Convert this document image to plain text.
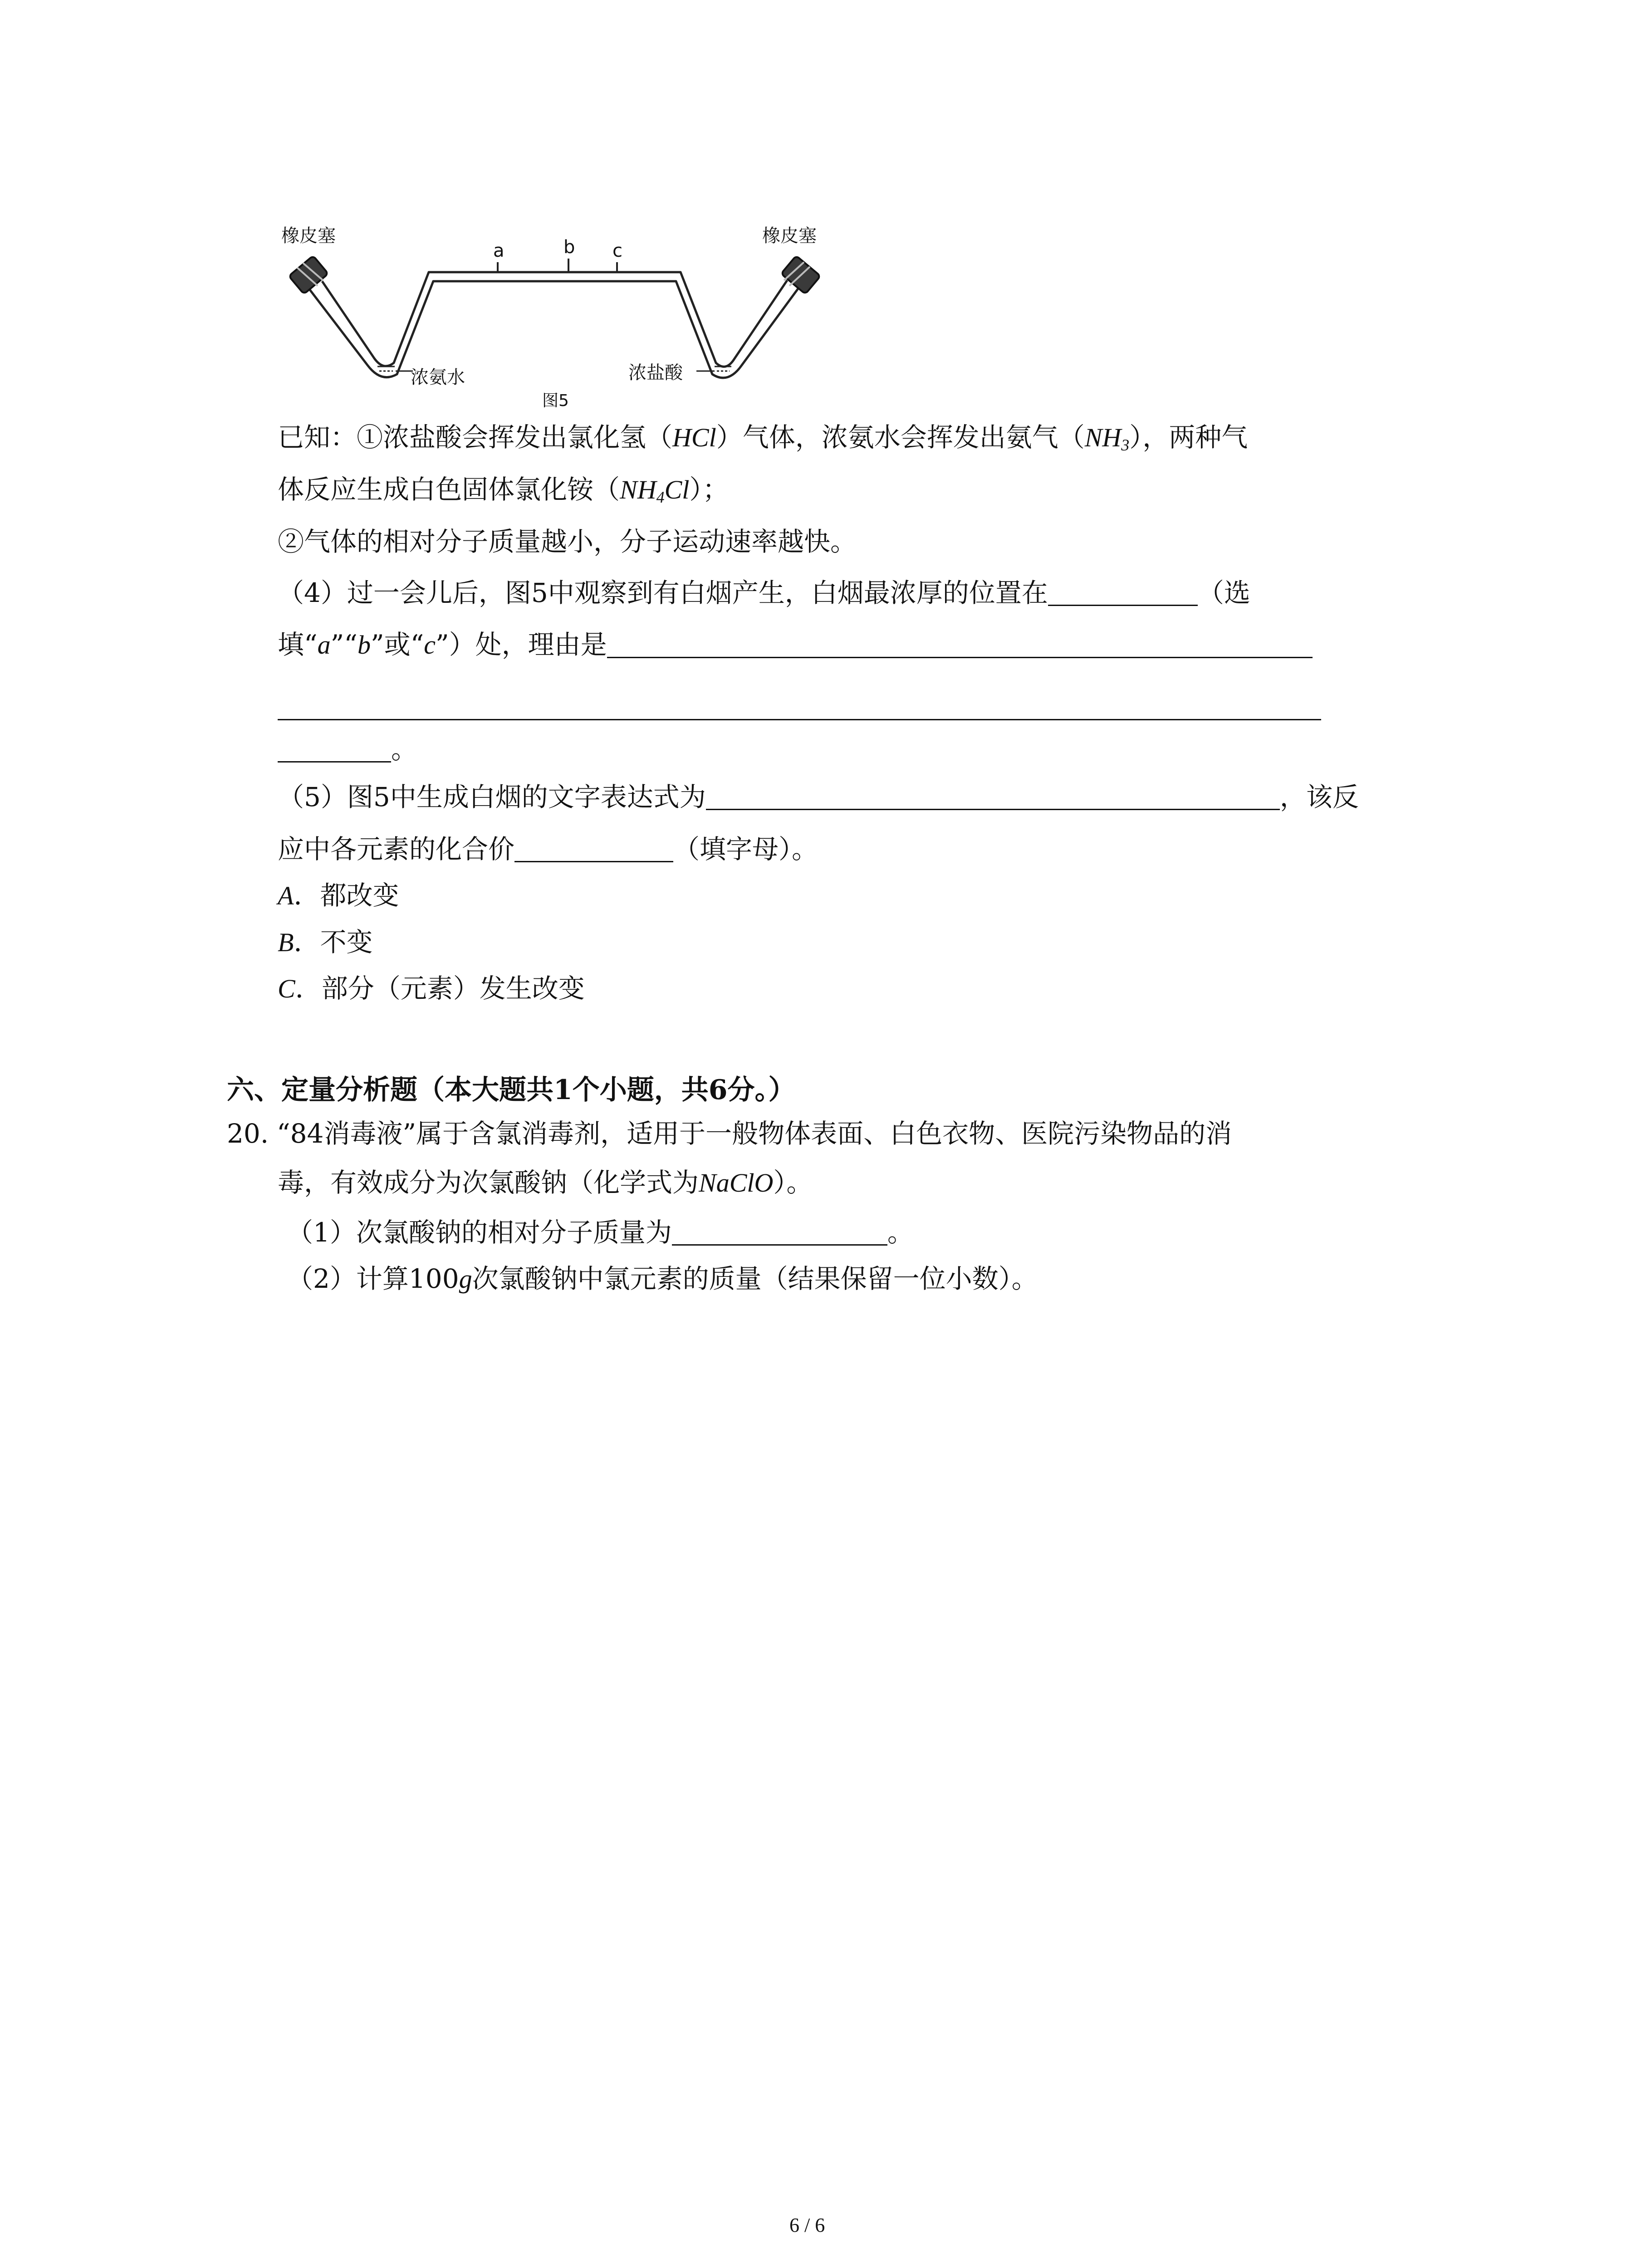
橡皮塞	橡皮塞
a	b c
浓氨水	浓盐酸
图5
已知：①浓盐酸会挥发出氯化氢（HCl）气体，浓氨水会挥发出氨气$(NH_3)$，两种气
体反应生成白色固体氯化铵$(NH_4Cl)$；
②气体的相对分子质量越小，分子运动速率越快。
（4）过一会儿后，图5中观察到有白烟产生，白烟最浓厚的位置在	（选
填“a”“b”或“c”）处，理由是
。
（5）图5中生成白烟的文字表达式为	，该反
应中各元素的化合价	（填字母）。
A．都改变
B．不变
C．部分（元素）发生改变
六、定量分析题（本大题共1个小题，共6分。）
20. “84消毒液”属于含氯消毒剂，适用于一般物体表面、白色衣物、医院污染物品的消
毒，有效成分为次氯酸钠（化学式为NaClO）。
（1）次氯酸钠的相对分子质量为	。
（2）计算100g次氯酸钠中氯元素的质量（结果保留一位小数）。
6 / 6
